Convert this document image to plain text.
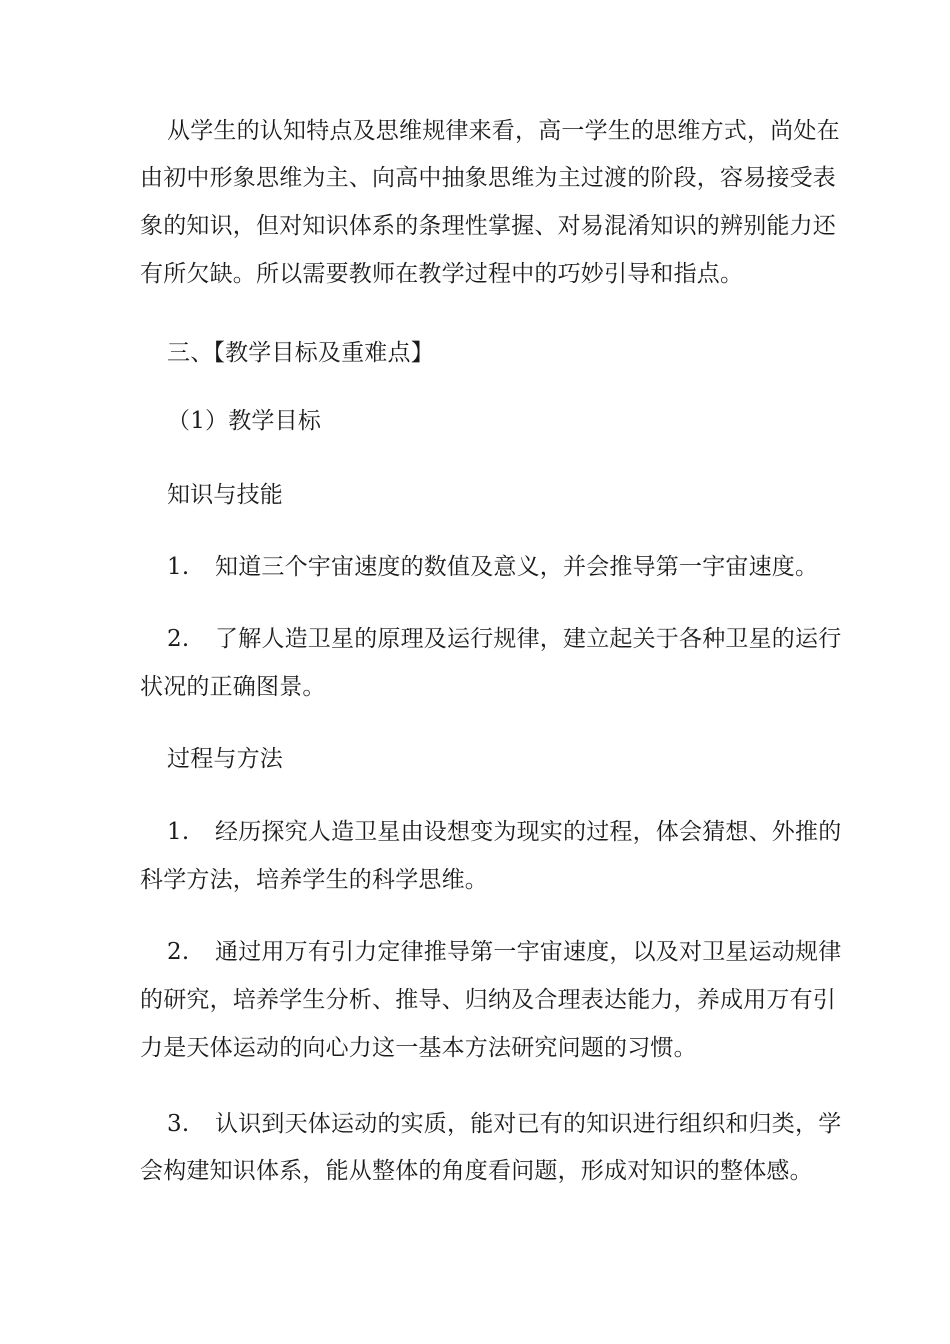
从学生的认知特点及思维规律来看，高一学生的思维方式，尚处在
由初中形象思维为主、向高中抽象思维为主过渡的阶段，容易接受表
象的知识，但对知识体系的条理性掌握、对易混淆知识的辨别能力还
有所欠缺。所以需要教师在教学过程中的巧妙引导和指点。
三、【教学目标及重难点】
（1）教学目标
知识与技能
1. 知道三个宇宙速度的数值及意义，并会推导第一宇宙速度。
2. 了解人造卫星的原理及运行规律，建立起关于各种卫星的运行
状况的正确图景。
过程与方法
1. 经历探究人造卫星由设想变为现实的过程，体会猜想、外推的
科学方法，培养学生的科学思维。
2. 通过用万有引力定律推导第一宇宙速度，以及对卫星运动规律
的研究，培养学生分析、推导、归纳及合理表达能力，养成用万有引
力是天体运动的向心力这一基本方法研究问题的习惯。
3. 认识到天体运动的实质，能对已有的知识进行组织和归类，学
会构建知识体系，能从整体的角度看问题，形成对知识的整体感。
